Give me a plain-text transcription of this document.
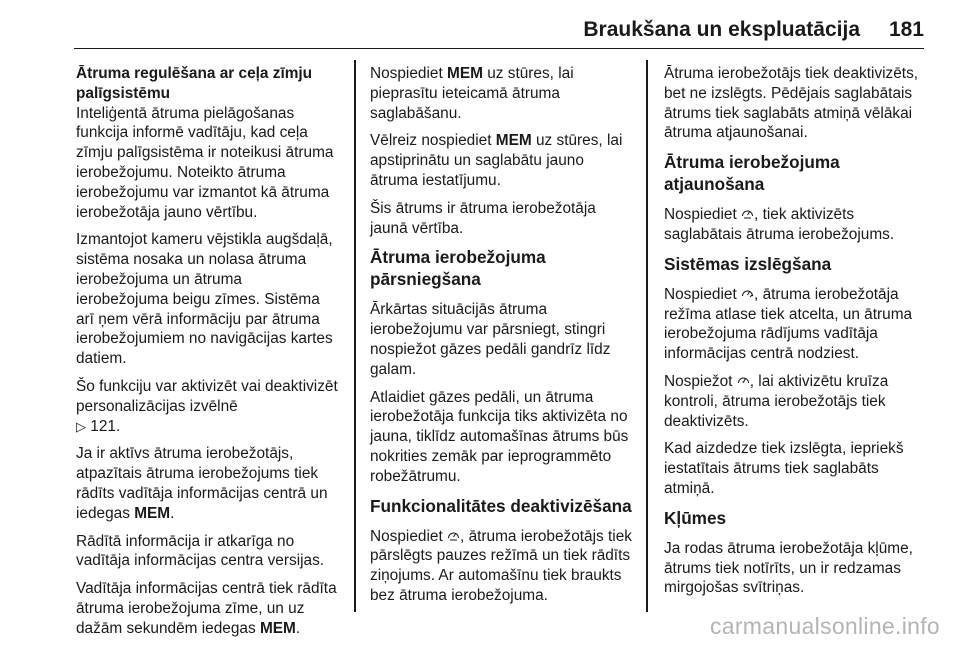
Braukšana un ekspluatācija 181
Ātruma regulēšana ar ceļa zīmju palīgsistēmu

Inteliģentā ātruma pielāgošanas funkcija informē vadītāju, kad ceļa zīmju palīgsistēma ir noteikusi ātruma ierobežojumu. Noteikto ātruma ierobežojumu var izmantot kā ātruma ierobežotāja jauno vērtību.

Izmantojot kameru vējstikla augšdaļā, sistēma nosaka un nolasa ātruma ierobežojuma un ātruma ierobežojuma beigu zīmes. Sistēma arī ņem vērā informāciju par ātruma ierobežojumiem no navigācijas kartes datiem.

Šo funkciju var aktivizēt vai deaktivizēt personalizācijas izvēlnē
▷ 121.

Ja ir aktīvs ātruma ierobežotājs, atpazītais ātruma ierobežojums tiek rādīts vadītāja informācijas centrā un iedegas MEM.

Rādītā informācija ir atkarīga no vadītāja informācijas centra versijas.

Vadītāja informācijas centrā tiek rādīta ātruma ierobežojuma zīme, un uz dažām sekundēm iedegas MEM.

Nospiediet MEM uz stūres, lai pieprasītu ieteicamā ātruma saglabāšanu.

Vēlreiz nospiediet MEM uz stūres, lai apstiprinātu un saglabātu jauno ātruma iestatījumu.

Šis ātrums ir ātruma ierobežotāja jaunā vērtība.

Ātruma ierobežojuma pārsniegšana

Ārkārtas situācijās ātruma ierobežojumu var pārsniegt, stingri nospiežot gāzes pedāli gandrīz līdz galam.

Atlaidiet gāzes pedāli, un ātruma ierobežotāja funkcija tiks aktivizēta no jauna, tiklīdz automašīnas ātrums būs nokrities zemāk par ieprogrammēto robežātrumu.

Funkcionalitātes deaktivizēšana

Nospiediet , ātruma ierobežotājs tiek pārslēgts pauzes režīmā un tiek rādīts ziņojums. Ar automašīnu tiek braukts bez ātruma ierobežojuma.

Ātruma ierobežotājs tiek deaktivizēts, bet ne izslēgts. Pēdējais saglabātais ātrums tiek saglabāts atmiņā vēlākai ātruma atjaunošanai.

Ātruma ierobežojuma atjaunošana

Nospiediet , tiek aktivizēts saglabātais ātruma ierobežojums.

Sistēmas izslēgšana

Nospiediet , ātruma ierobežotāja režīma atlase tiek atcelta, un ātruma ierobežojuma rādījums vadītāja informācijas centrā nodziest.

Nospiežot , lai aktivizētu kruīza kontroli, ātruma ierobežotājs tiek deaktivizēts.

Kad aizdedze tiek izslēgta, iepriekš iestatītais ātrums tiek saglabāts atmiņā.

Kļūmes

Ja rodas ātruma ierobežotāja kļūme, ātrums tiek notīrīts, un ir redzamas mirgojošas svītriņas.

carmanualsonline.info
